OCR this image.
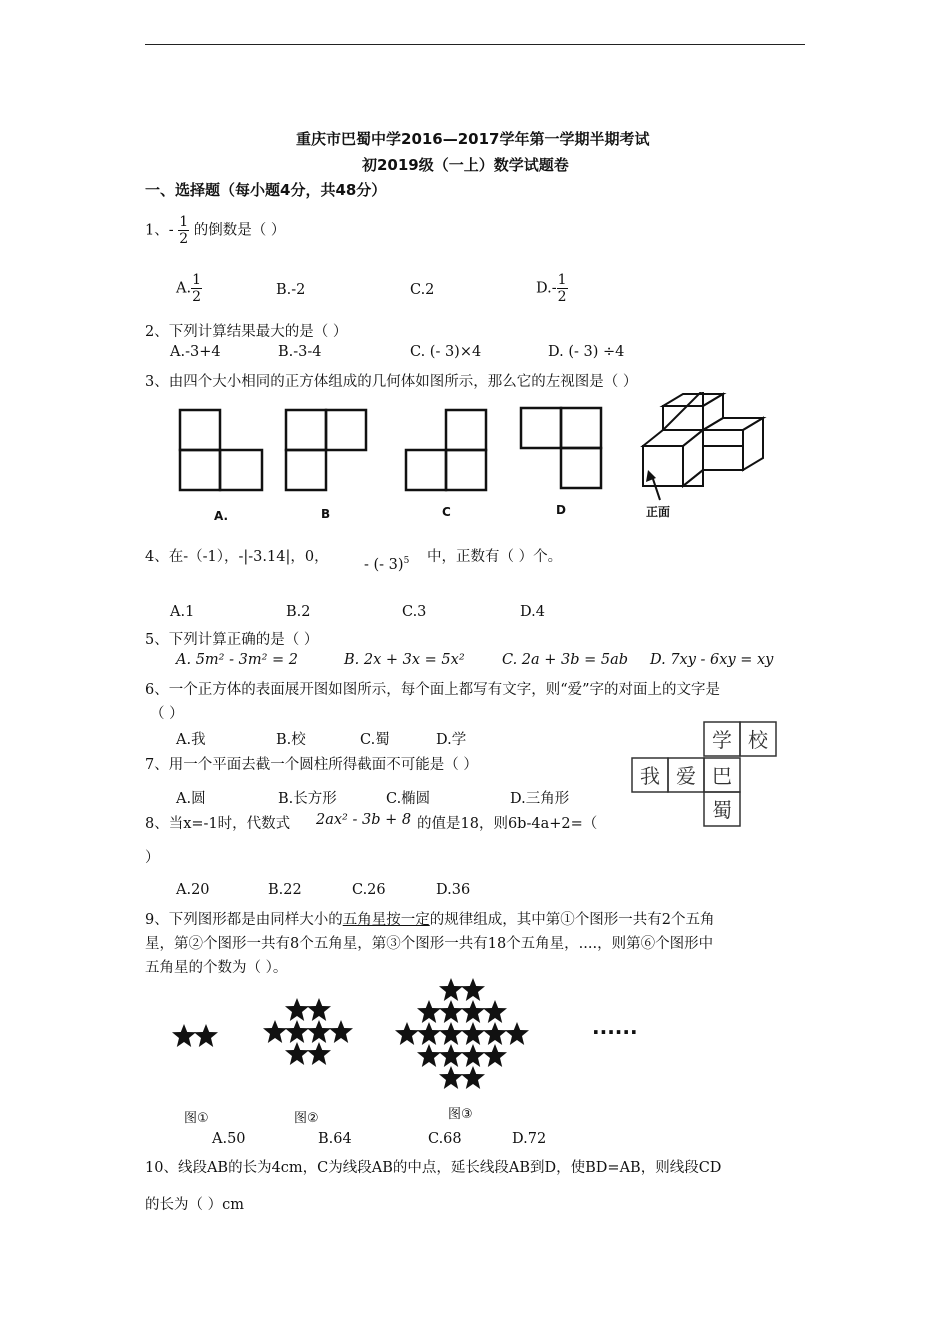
重庆市巴蜀中学2016—2017学年第一学期半期考试
初2019级（一上）数学试题卷
一、选择题（每小题4分，共48分）
1、- $\frac{1}{2}$ 的倒数是（ ）
A. $\frac{1}{2}$	B.-2	C.2	$D.- \frac{1}{2}$
2、下列计算结果最大的是（ ）
A.-3+4	B.-3-4	C. (- 3)×4	D. (- 3) ÷4
3、由四个大小相同的正方体组成的几何体如图所示，那么它的左视图是（ ）
A.	B	C	D	正面
4、在-（-1），-|-3.14|，0， - (- 3)$^5$ 中，正数有（ ）个。
A.1	B.2	C.3	D.4
5、下列计算正确的是（ ）
A. 5m² - 3m² = 2	B. 2x + 3x = 5x²	C. 2a + 3b = 5ab D. 7xy - 6xy = xy
6、一个正方体的表面展开图如图所示，每个面上都写有文字，则“爱”字的对面上的文字是
（ ）
A.我	B.校	C.蜀	D.学	学 校
我 爱 巴
蜀
7、用一个平面去截一个圆柱所得截面不可能是（ ）
A.圆	B.长方形	C.椭圆	D.三角形
8、当x=-1时，代数式 2ax² - 3b + 8 的值是18，则6b-4a+2=（
）
A.20	B.22	C.26	D.36
9、下列图形都是由同样大小的五角星按一定的规律组成，其中第①个图形一共有2个五角
星，第②个图形一共有8个五角星，第③个图形一共有18个五角星，....，则第⑥个图形中
五角星的个数为（ ）。
......
图①	图②	图③
A.50	B.64	C.68	D.72
10、线段AB的长为4cm，C为线段AB的中点，延长线段AB到D，使BD=AB，则线段CD
的长为（ ）cm
